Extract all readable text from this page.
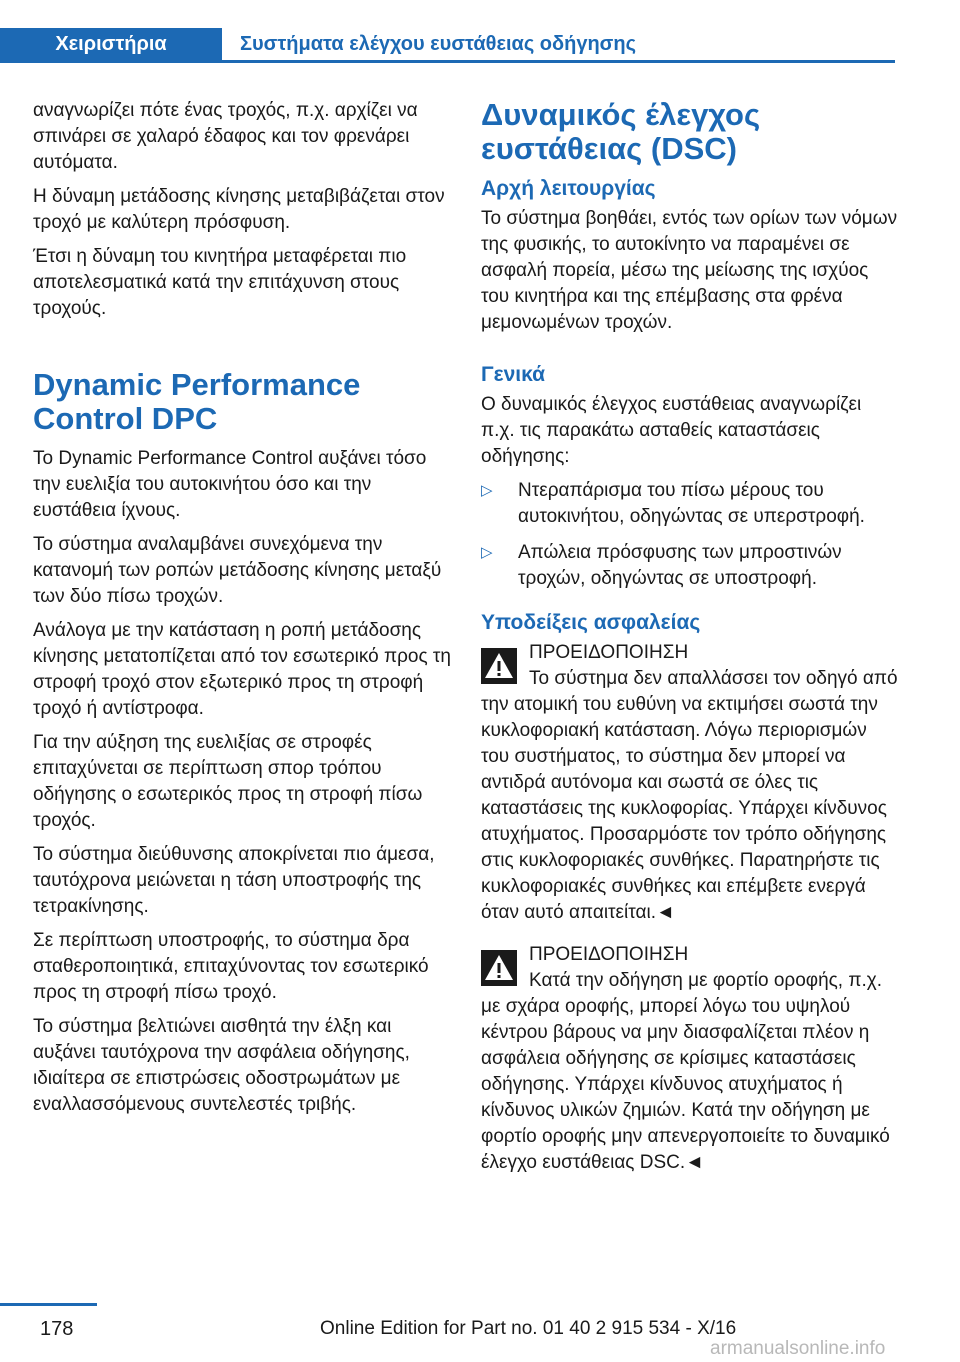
Χειριστήρια	Συστήματα ελέγχου ευστάθειας οδήγησης

αναγνωρίζει πότε ένας τροχός, π.χ. αρχίζει να σπινάρει σε χαλαρό έδαφος και τον φρενάρει αυτόματα.

Η δύναμη μετάδοσης κίνησης μεταβιβάζεται στον τροχό με καλύτερη πρόσφυση.

Έτσι η δύναμη του κινητήρα μεταφέρεται πιο αποτελεσματικά κατά την επιτάχυνση στους τροχούς.

Dynamic Performance Control DPC

Το Dynamic Performance Control αυξάνει τόσο την ευελιξία του αυτοκινήτου όσο και την ευστάθεια ίχνους.

Το σύστημα αναλαμβάνει συνεχόμενα την κατανομή των ροπών μετάδοσης κίνησης μεταξύ των δύο πίσω τροχών.

Ανάλογα με την κατάσταση η ροπή μετάδοσης κίνησης μετατοπίζεται από τον εσωτερικό προς τη στροφή τροχό στον εξωτερικό προς τη στροφή τροχό ή αντίστροφα.

Για την αύξηση της ευελιξίας σε στροφές επιταχύνεται σε περίπτωση σπορ τρόπου οδήγησης ο εσωτερικός προς τη στροφή πίσω τροχός.

Το σύστημα διεύθυνσης αποκρίνεται πιο άμεσα, ταυτόχρονα μειώνεται η τάση υποστροφής της τετρακίνησης.

Σε περίπτωση υποστροφής, το σύστημα δρα σταθεροποιητικά, επιταχύνοντας τον εσωτερικό προς τη στροφή πίσω τροχό.

Το σύστημα βελτιώνει αισθητά την έλξη και αυξάνει ταυτόχρονα την ασφάλεια οδήγησης, ιδιαίτερα σε επιστρώσεις οδοστρωμάτων με εναλλασσόμενους συντελεστές τριβής.

Δυναμικός έλεγχος ευστάθειας (DSC)
Αρχή λειτουργίας

Το σύστημα βοηθάει, εντός των ορίων των νόμων της φυσικής, το αυτοκίνητο να παραμένει σε ασφαλή πορεία, μέσω της μείωσης της ισχύος του κινητήρα και της επέμβασης στα φρένα μεμονωμένων τροχών.

Γενικά

Ο δυναμικός έλεγχος ευστάθειας αναγνωρίζει π.χ. τις παρακάτω ασταθείς καταστάσεις οδήγησης:

▷ Ντεραπάρισμα του πίσω μέρους του αυτοκινήτου, οδηγώντας σε υπερστροφή.
▷ Απώλεια πρόσφυσης των μπροστινών τροχών, οδηγώντας σε υποστροφή.
Υποδείξεις ασφαλείας

ΠΡΟΕΙΔΟΠΟΙΗΣΗ

Το σύστημα δεν απαλλάσσει τον οδηγό από την ατομική του ευθύνη να εκτιμήσει σωστά την κυκλοφοριακή κατάσταση. Λόγω περιορισμών του συστήματος, το σύστημα δεν μπορεί να αντιδρά αυτόνομα και σωστά σε όλες τις καταστάσεις της κυκλοφορίας. Υπάρχει κίνδυνος ατυχήματος. Προσαρμόστε τον τρόπο οδήγησης στις κυκλοφοριακές συνθήκες. Παρατηρήστε τις κυκλοφοριακές συνθήκες και επέμβετε ενεργά όταν αυτό απαιτείται.◄

ΠΡΟΕΙΔΟΠΟΙΗΣΗ

Κατά την οδήγηση με φορτίο οροφής, π.χ. με σχάρα οροφής, μπορεί λόγω του υψηλού κέντρου βάρους να μην διασφαλίζεται πλέον η ασφάλεια οδήγησης σε κρίσιμες καταστάσεις οδήγησης. Υπάρχει κίνδυνος ατυχήματος ή κίνδυνος υλικών ζημιών. Κατά την οδήγηση με φορτίο οροφής μην απενεργοποιείτε το δυναμικό έλεγχο ευστάθειας DSC.◄

178	Online Edition for Part no. 01 40 2 915 534 - X/16
armanualsonline.info
